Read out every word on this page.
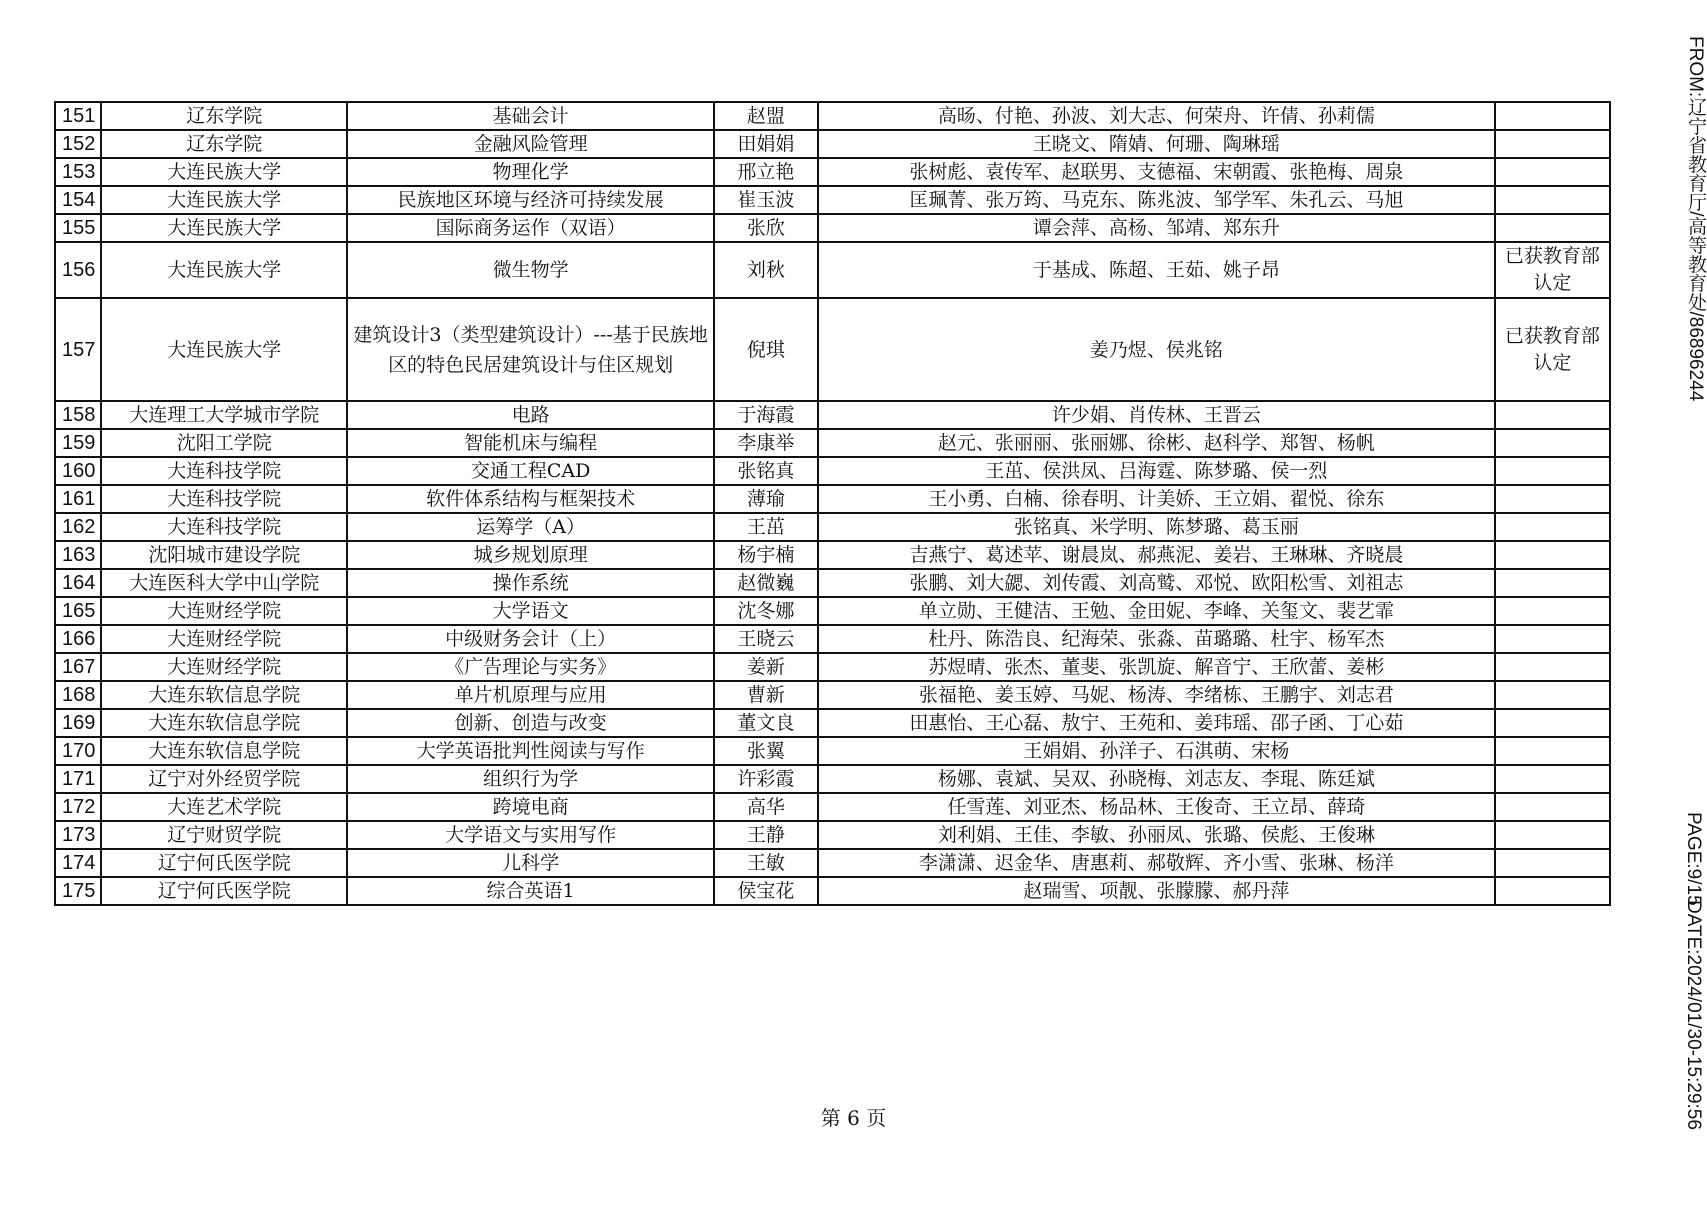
151	辽东学院	基础会计	赵盟	高旸、付艳、孙波、刘大志、何荣舟、许倩、孙莉儒	
152	辽东学院	金融风险管理	田娟娟	王晓文、隋婧、何珊、陶琳瑶	
153	大连民族大学	物理化学	邢立艳	张树彪、袁传军、赵联男、支德福、宋朝霞、张艳梅、周泉	
154	大连民族大学	民族地区环境与经济可持续发展	崔玉波	匡珮菁、张万筠、马克东、陈兆波、邹学军、朱孔云、马旭	
155	大连民族大学	国际商务运作（双语）	张欣	谭会萍、高杨、邹靖、郑东升	
156	大连民族大学	微生物学	刘秋	于基成、陈超、王茹、姚子昂	已获教育部认定
157	大连民族大学	建筑设计3（类型建筑设计）---基于民族地区的特色民居建筑设计与住区规划	倪琪	姜乃煜、侯兆铭	已获教育部认定
158	大连理工大学城市学院	电路	于海霞	许少娟、肖传林、王晋云	
159	沈阳工学院	智能机床与编程	李康举	赵元、张丽丽、张丽娜、徐彬、赵科学、郑智、杨帆	
160	大连科技学院	交通工程CAD	张铭真	王茁、侯洪凤、吕海霆、陈梦璐、侯一烈	
161	大连科技学院	软件体系结构与框架技术	薄瑜	王小勇、白楠、徐春明、计美娇、王立娟、翟悦、徐东	
162	大连科技学院	运筹学（A）	王茁	张铭真、米学明、陈梦璐、葛玉丽	
163	沈阳城市建设学院	城乡规划原理	杨宇楠	吉燕宁、葛述苹、谢晨岚、郝燕泥、姜岩、王琳琳、齐晓晨	
164	大连医科大学中山学院	操作系统	赵微巍	张鹏、刘大勰、刘传霞、刘高鹫、邓悦、欧阳松雪、刘祖志	
165	大连财经学院	大学语文	沈冬娜	单立勋、王健洁、王勉、金田妮、李峰、关玺文、裴艺霏	
166	大连财经学院	中级财务会计（上）	王晓云	杜丹、陈浩良、纪海荣、张淼、苗璐璐、杜宇、杨军杰	
167	大连财经学院	《广告理论与实务》	姜新	苏煜晴、张杰、董斐、张凯旋、解音宁、王欣蕾、姜彬	
168	大连东软信息学院	单片机原理与应用	曹新	张福艳、姜玉婷、马妮、杨涛、李绪栋、王鹏宇、刘志君	
169	大连东软信息学院	创新、创造与改变	董文良	田惠怡、王心磊、敖宁、王苑和、姜玮瑶、邵子函、丁心茹	
170	大连东软信息学院	大学英语批判性阅读与写作	张翼	王娟娟、孙洋子、石淇萌、宋杨	
171	辽宁对外经贸学院	组织行为学	许彩霞	杨娜、袁斌、吴双、孙晓梅、刘志友、李琨、陈廷斌	
172	大连艺术学院	跨境电商	高华	任雪莲、刘亚杰、杨品林、王俊奇、王立昂、薛琦	
173	辽宁财贸学院	大学语文与实用写作	王静	刘利娟、王佳、李敏、孙丽凤、张璐、侯彪、王俊琳	
174	辽宁何氏医学院	儿科学	王敏	李潇潇、迟金华、唐惠莉、郝敬辉、齐小雪、张琳、杨洋	
175	辽宁何氏医学院	综合英语1	侯宝花	赵瑞雪、项靓、张朦朦、郝丹萍	
第 6 页
FROM:辽宁省教育厅/高等教育处/86896244
PAGE:9/15
DATE:2024/01/30-15:29:56
